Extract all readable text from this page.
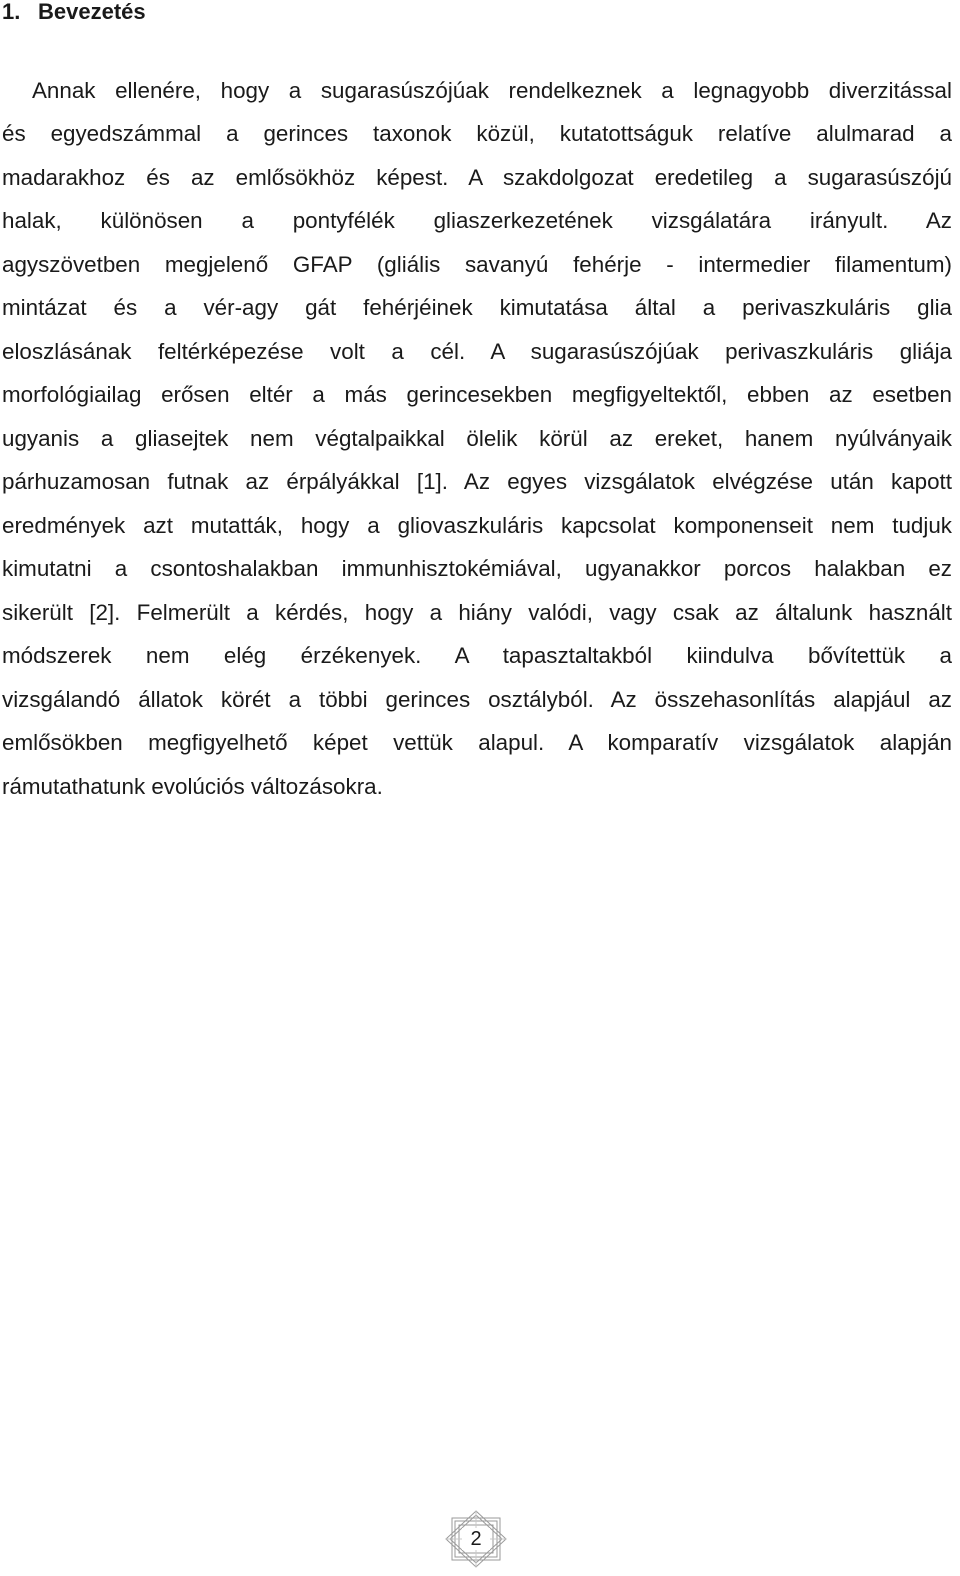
1. Bevezetés
Annak ellenére, hogy a sugarasúszójúak rendelkeznek a legnagyobb diverzitással
és egyedszámmal a gerinces taxonok közül, kutatottságuk relatíve alulmarad a
madarakhoz és az emlősökhöz képest. A szakdolgozat eredetileg a sugarasúszójú
halak, különösen a pontyfélék gliaszerkezetének vizsgálatára irányult. Az
agyszövetben megjelenő GFAP (gliális savanyú fehérje - intermedier filamentum)
mintázat és a vér-agy gát fehérjéinek kimutatása által a perivaszkuláris glia
eloszlásának feltérképezése volt a cél. A sugarasúszójúak perivaszkuláris gliája
morfológiailag erősen eltér a más gerincesekben megfigyeltektől, ebben az esetben
ugyanis a gliasejtek nem végtalpaikkal ölelik körül az ereket, hanem nyúlványaik
párhuzamosan futnak az érpályákkal [1]. Az egyes vizsgálatok elvégzése után kapott
eredmények azt mutatták, hogy a gliovaszkuláris kapcsolat komponenseit nem tudjuk
kimutatni a csontoshalakban immunhisztokémiával, ugyanakkor porcos halakban ez
sikerült [2]. Felmerült a kérdés, hogy a hiány valódi, vagy csak az általunk használt
módszerek nem elég érzékenyek. A tapasztaltakból kiindulva bővítettük a
vizsgálandó állatok körét a többi gerinces osztályból. Az összehasonlítás alapjául az
emlősökben megfigyelhető képet vettük alapul. A komparatív vizsgálatok alapján
rámutathatunk evolúciós változásokra.
2
